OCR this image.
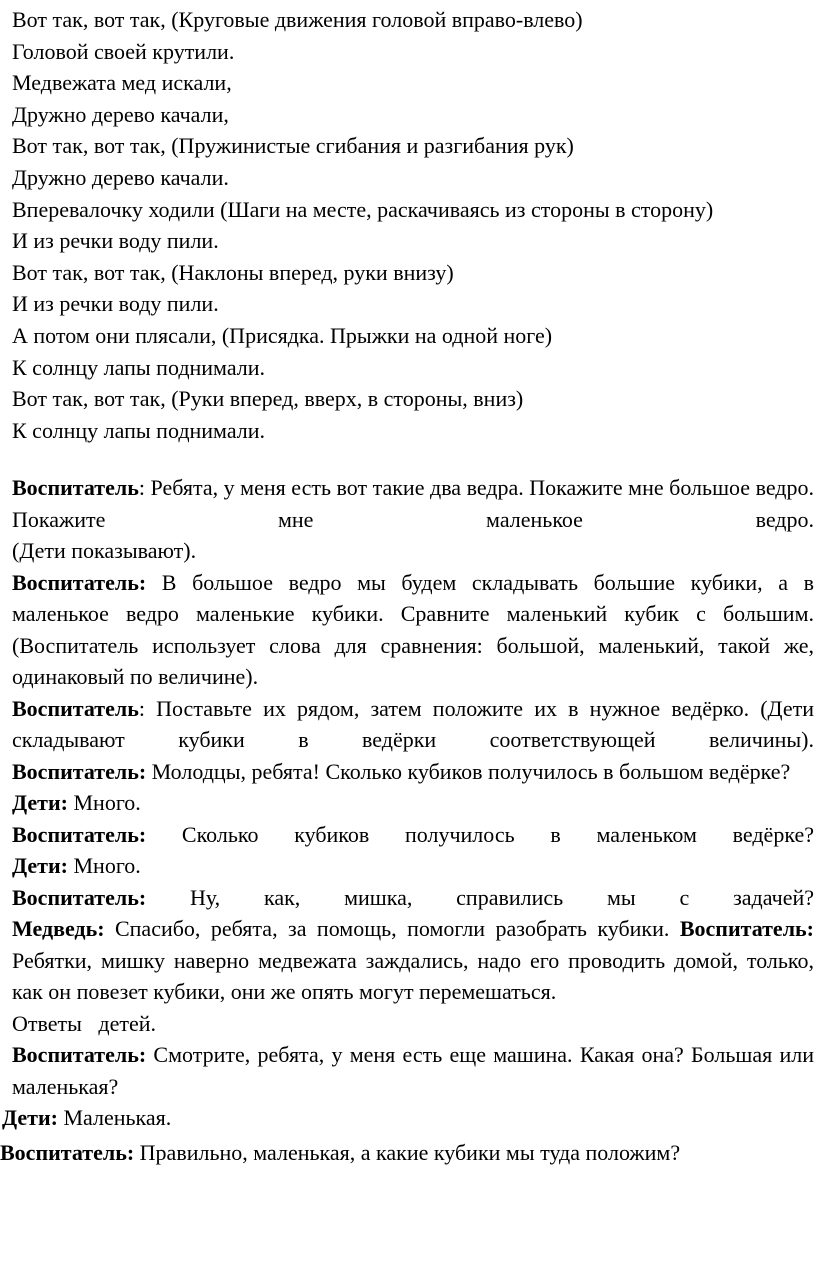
Вот так, вот так, (Круговые движения головой вправо-влево)
Головой своей крутили.
Медвежата мед искали,
Дружно дерево качали,
Вот так, вот так, (Пружинистые сгибания и разгибания рук)
Дружно дерево качали.
Вперевалочку ходили (Шаги на месте, раскачиваясь из стороны в сторону)
И из речки воду пили.
Вот так, вот так, (Наклоны вперед, руки внизу)
И из речки воду пили.
А потом они плясали, (Присядка. Прыжки на одной ноге)
К солнцу лапы поднимали.
Вот так, вот так, (Руки вперед, вверх, в стороны, вниз)
К солнцу лапы поднимали.

Воспитатель: Ребята, у меня есть вот такие два ведра. Покажите мне большое ведро. Покажите мне маленькое ведро.

(Дети показывают).

Воспитатель: В большое ведро мы будем складывать большие кубики, а в маленькое ведро маленькие кубики. Сравните маленький кубик с большим. (Воспитатель использует слова для сравнения: большой, маленький, такой же, одинаковый по величине).

Воспитатель: Поставьте их рядом, затем положите их в нужное ведёрко. (Дети складывают кубики в ведёрки соответствующей величины).

Воспитатель: Молодцы, ребята! Сколько кубиков получилось в большом ведёрке?

Дети: Много.

Воспитатель: Сколько кубиков получилось в маленьком ведёрке?

Дети: Много.

Воспитатель: Ну, как, мишка, справились мы с задачей?

Медведь: Спасибо, ребята, за помощь, помогли разобрать кубики. Воспитатель: Ребятки, мишку наверно медвежата заждались, надо его проводить домой, только, как он повезет кубики, они же опять могут перемешаться.

Ответы   детей.

Воспитатель: Смотрите, ребята, у меня есть еще машина. Какая она? Большая или маленькая?

Дети: Маленькая.

Воспитатель: Правильно, маленькая, а какие кубики мы туда положим?
